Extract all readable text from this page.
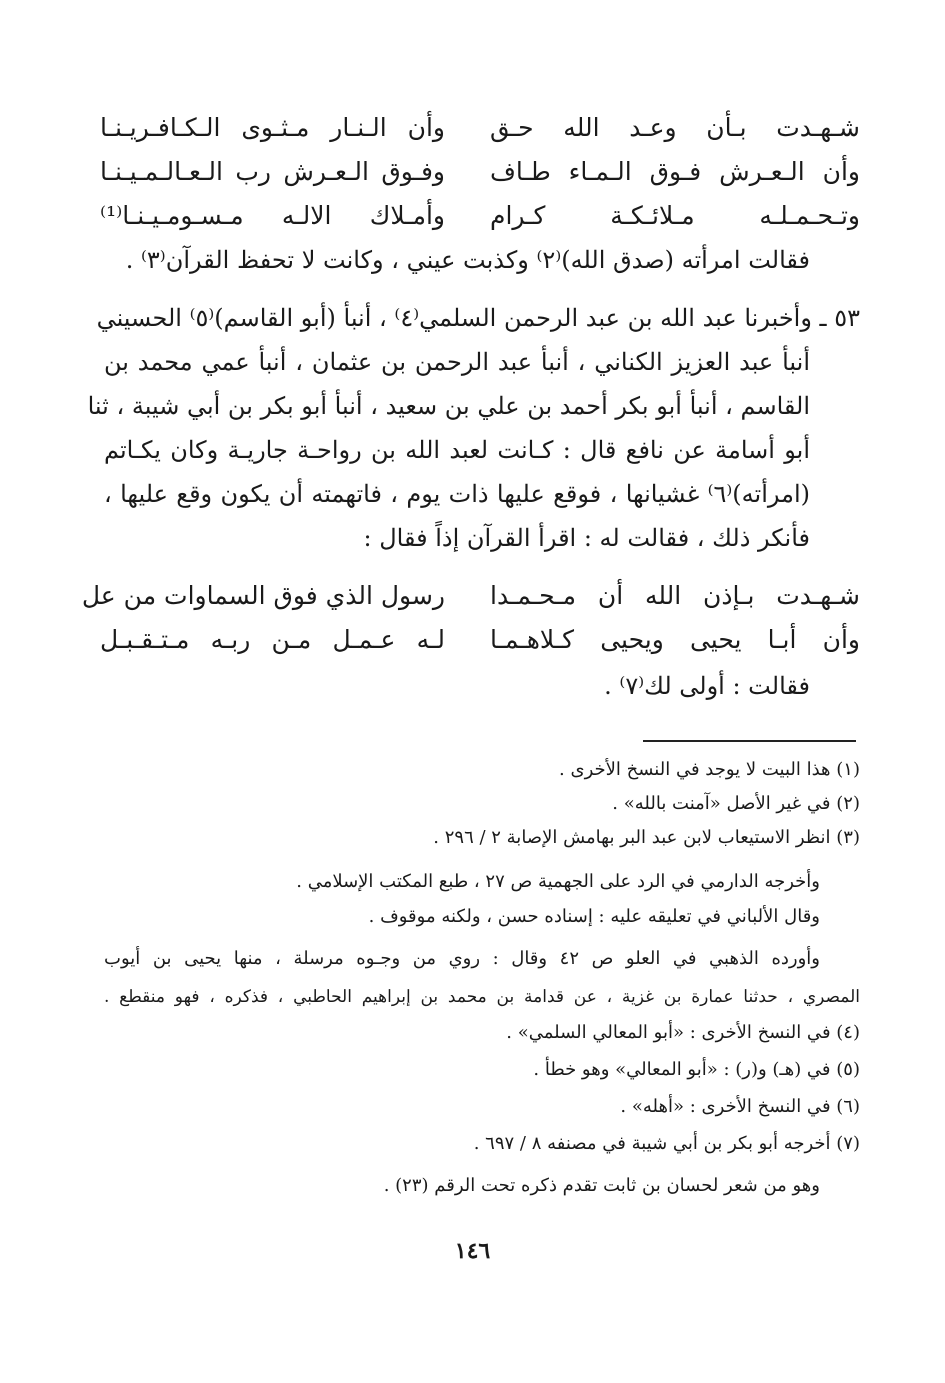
شـهـدت بـأن وعـد الله حـق
وأن الـنـار مـثـوى الـكـافـريـنـا
وأن الـعـرش فـوق الـمـاء طـاف
وفـوق الـعـرش رب الـعـالـمـيـنـا
وتـحـمـلـه مـلائـكـة كـرام
وأمـلاك الالـه مـسـومـيـنـا⁽¹⁾
فقالت امرأته (صدق الله)⁽٢⁾ وكذبت عيني ، وكانت لا تحفظ القرآن⁽٣⁾ .
٥٣ ـ وأخبرنا عبد الله بن عبد الرحمن السلمي⁽٤⁾ ، أنبأ (أبو القاسم)⁽٥⁾ الحسيني
أنبأ عبد العزيز الكناني ، أنبأ عبد الرحمن بن عثمان ، أنبأ عمي محمد بن
القاسم ، أنبأ أبو بكر أحمد بن علي بن سعيد ، أنبأ أبو بكر بن أبي شيبة ، ثنا
أبو أسامة عن نافع قال : كـانت لعبد الله بن رواحـة جاريـة وكان يكـاتم
(امرأته)⁽٦⁾ غشيانها ، فوقع عليها ذات يوم ، فاتهمته أن يكون وقع عليها ،
فأنكر ذلك ، فقالت له : اقرأ القرآن إذاً فقال :
شـهـدت بـإذن الله أن مـحـمـدا
رسول الذي فوق السماوات من عل
وأن أبـا يحيى ويحيى كـلاهـمـا
لـه عـمـل مـن ربـه مـتـقـبـل
فقالت : أولى لك⁽٧⁾ .
(١) هذا البيت لا يوجد في النسخ الأخرى .
(٢) في غير الأصل «آمنت بالله» .
(٣) انظر الاستيعاب لابن عبد البر بهامش الإصابة ٢ / ٢٩٦ .
وأخرجه الدارمي في الرد على الجهمية ص ٢٧ ، طبع المكتب الإسلامي .
وقال الألباني في تعليقه عليه : إسناده حسن ، ولكنه موقوف .
وأورده الذهبي في العلو ص ٤٢ وقال : روي من وجـوه مرسلة ، منها يحيى بن أيوب
المصري ، حدثنا عمارة بن غزية ، عن قدامة بن محمد بن إبراهيم الحاطبي ، فذكره ، فهو منقطع .
(٤) في النسخ الأخرى : «أبو المعالي السلمي» .
(٥) في (هـ) و(ر) : «أبو المعالي» وهو خطأ .
(٦) في النسخ الأخرى : «أهله» .
(٧) أخرجه أبو بكر بن أبي شيبة في مصنفه ٨ / ٦٩٧ .
وهو من شعر لحسان بن ثابت تقدم ذكره تحت الرقم (٢٣) .
١٤٦
